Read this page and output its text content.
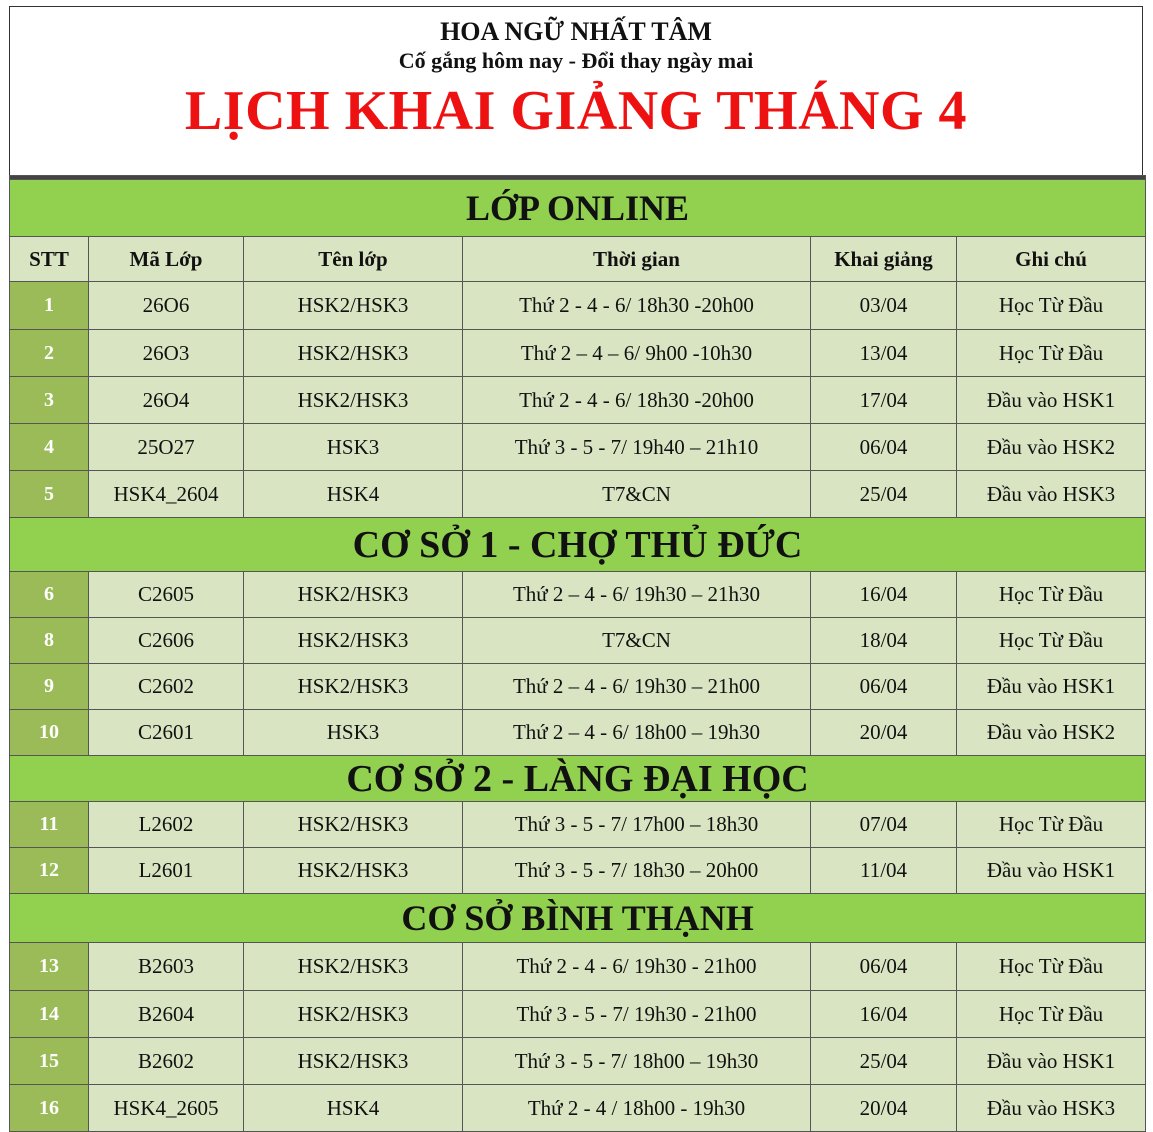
HOA NGỮ NHẤT TÂM
Cố gắng hôm nay - Đổi thay ngày mai
LỊCH KHAI GIẢNG THÁNG 4

LỚP ONLINE					
STT	Mã Lớp	Tên lớp	Thời gian	Khai giảng	Ghi chú
1	26O6	HSK2/HSK3	Thứ 2 - 4 - 6/ 18h30 -20h00	03/04	Học Từ Đầu
2	26O3	HSK2/HSK3	Thứ 2 – 4 – 6/ 9h00 -10h30	13/04	Học Từ Đầu
3	26O4	HSK2/HSK3	Thứ 2 - 4 - 6/ 18h30 -20h00	17/04	Đầu vào HSK1
4	25O27	HSK3	Thứ 3 - 5 - 7/ 19h40 – 21h10	06/04	Đầu vào HSK2
5	HSK4_2604	HSK4	T7&CN	25/04	Đầu vào HSK3
CƠ SỞ 1 - CHỢ THỦ ĐỨC					
6	C2605	HSK2/HSK3	Thứ 2 – 4 - 6/ 19h30 – 21h30	16/04	Học Từ Đầu
8	C2606	HSK2/HSK3	T7&CN	18/04	Học Từ Đầu
9	C2602	HSK2/HSK3	Thứ 2 – 4 - 6/ 19h30 – 21h00	06/04	Đầu vào HSK1
10	C2601	HSK3	Thứ 2 – 4 - 6/ 18h00 – 19h30	20/04	Đầu vào HSK2
CƠ SỞ 2 - LÀNG ĐẠI HỌC					
11	L2602	HSK2/HSK3	Thứ 3 - 5 - 7/ 17h00 – 18h30	07/04	Học Từ Đầu
12	L2601	HSK2/HSK3	Thứ 3 - 5 - 7/ 18h30 – 20h00	11/04	Đầu vào HSK1
CƠ SỞ BÌNH THẠNH					
13	B2603	HSK2/HSK3	Thứ 2 - 4 - 6/ 19h30 - 21h00	06/04	Học Từ Đầu
14	B2604	HSK2/HSK3	Thứ 3 - 5 - 7/ 19h30 - 21h00	16/04	Học Từ Đầu
15	B2602	HSK2/HSK3	Thứ 3 - 5 - 7/ 18h00 – 19h30	25/04	Đầu vào HSK1
16	HSK4_2605	HSK4	Thứ 2 - 4 / 18h00 - 19h30	20/04	Đầu vào HSK3
